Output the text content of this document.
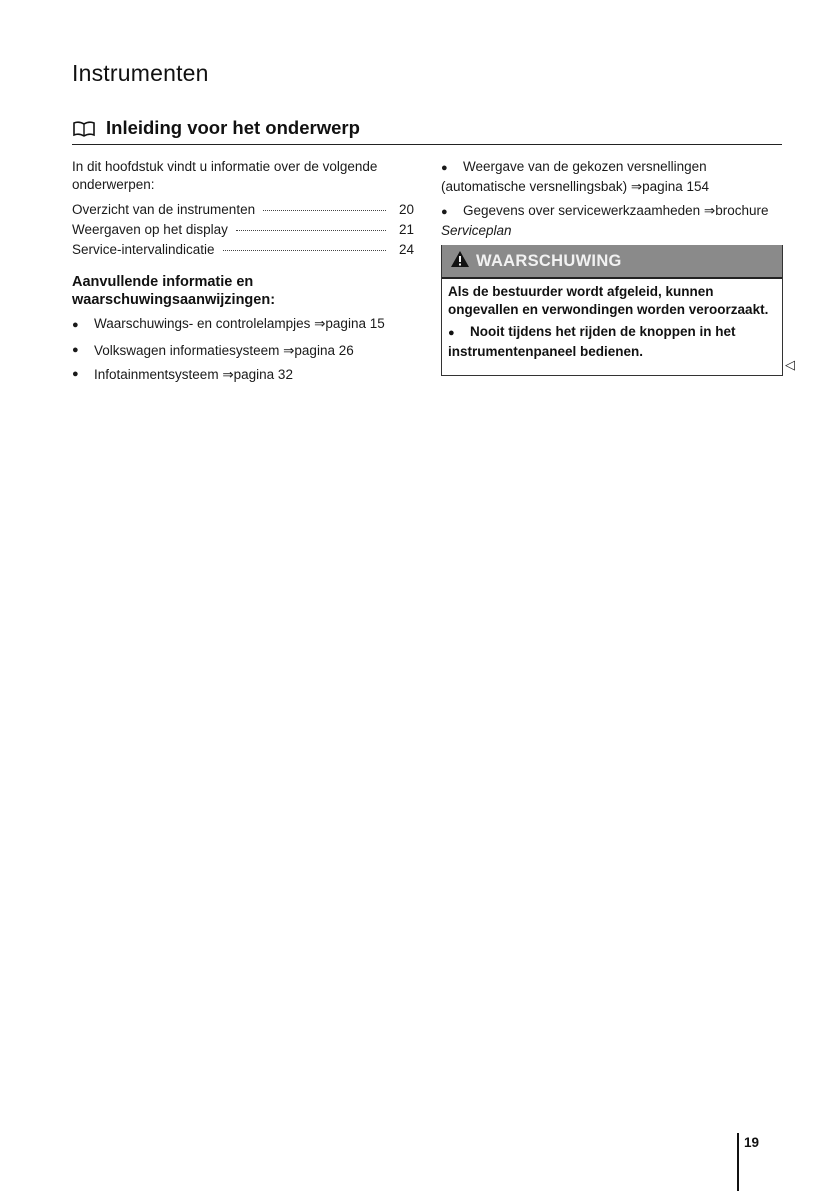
Instrumenten
Inleiding voor het onderwerp

In dit hoofdstuk vindt u informatie over de volgende onderwerpen:

Overzicht van de instrumenten	20
Weergaven op het display	21
Service-intervalindicatie	24
Aanvullende informatie en waarschuwingsaanwijzingen:
● Waarschuwings- en controlelampjes ⇒pagina 15
●	Volkswagen informatiesysteem ⇒pagina 26
●	Infotainmentsysteem ⇒pagina 32
● Weergave van de gekozen versnellingen (automatische versnellingsbak) ⇒pagina 154
● Gegevens over servicewerkzaamheden ⇒brochure Serviceplan
WAARSCHUWING

Als de bestuurder wordt afgeleid, kunnen ongevallen en verwondingen worden veroorzaakt.

● Nooit tijdens het rijden de knoppen in het instrumentenpaneel bedienen.

◁
19
